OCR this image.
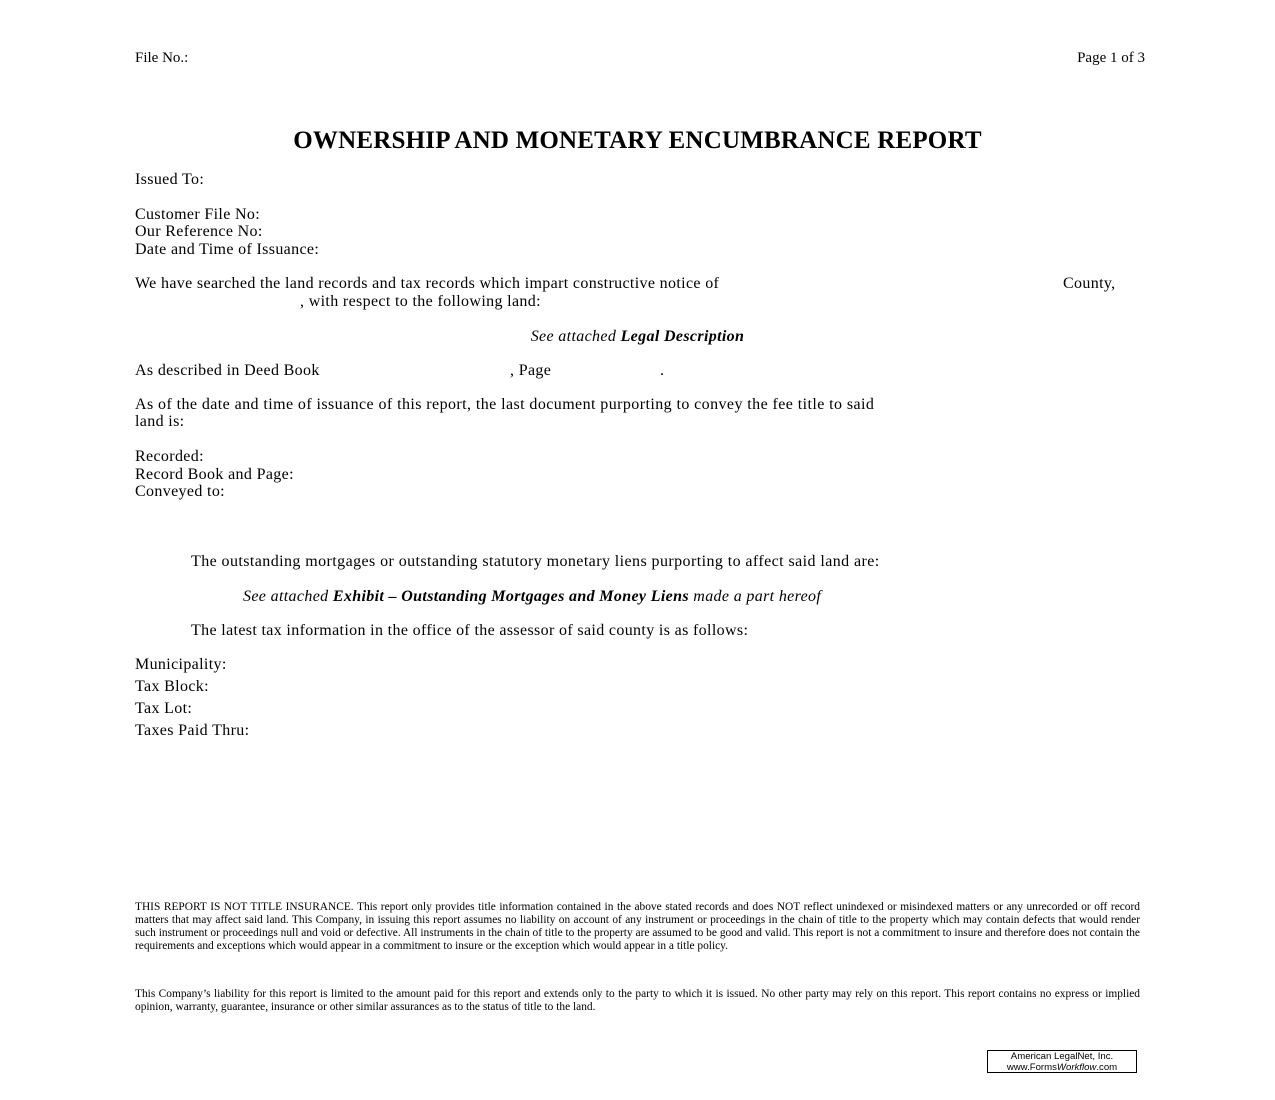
File No.:	Page 1 of 3
OWNERSHIP AND MONETARY ENCUMBRANCE REPORT
Issued To:
Customer File No:
Our Reference No:
Date and Time of Issuance:
We have searched the land records and tax records which impart constructive notice of	County,
, with respect to the following land:
See attached Legal Description
As described in Deed Book	, Page	.
As of the date and time of issuance of this report, the last document purporting to convey the fee title to said
land is:
Recorded:
Record Book and Page:
Conveyed to:
The outstanding mortgages or outstanding statutory monetary liens purporting to affect said land are:
See attached Exhibit – Outstanding Mortgages and Money Liens made a part hereof
The latest tax information in the office of the assessor of said county is as follows:
Municipality:
Tax Block:
Tax Lot:
Taxes Paid Thru:
THIS REPORT IS NOT TITLE INSURANCE. This report only provides title information contained in the above stated records and does NOT reflect unindexed or misindexed matters or any unrecorded or off record matters that may affect said land. This Company, in issuing this report assumes no liability on account of any instrument or proceedings in the chain of title to the property which may contain defects that would render such instrument or proceedings null and void or defective. All instruments in the chain of title to the property are assumed to be good and valid. This report is not a commitment to insure and therefore does not contain the requirements and exceptions which would appear in a commitment to insure or the exception which would appear in a title policy.
This Company’s liability for this report is limited to the amount paid for this report and extends only to the party to which it is issued. No other party may rely on this report. This report contains no express or implied opinion, warranty, guarantee, insurance or other similar assurances as to the status of title to the land.
American LegalNet, Inc.
www.FormsWorkflow.com
